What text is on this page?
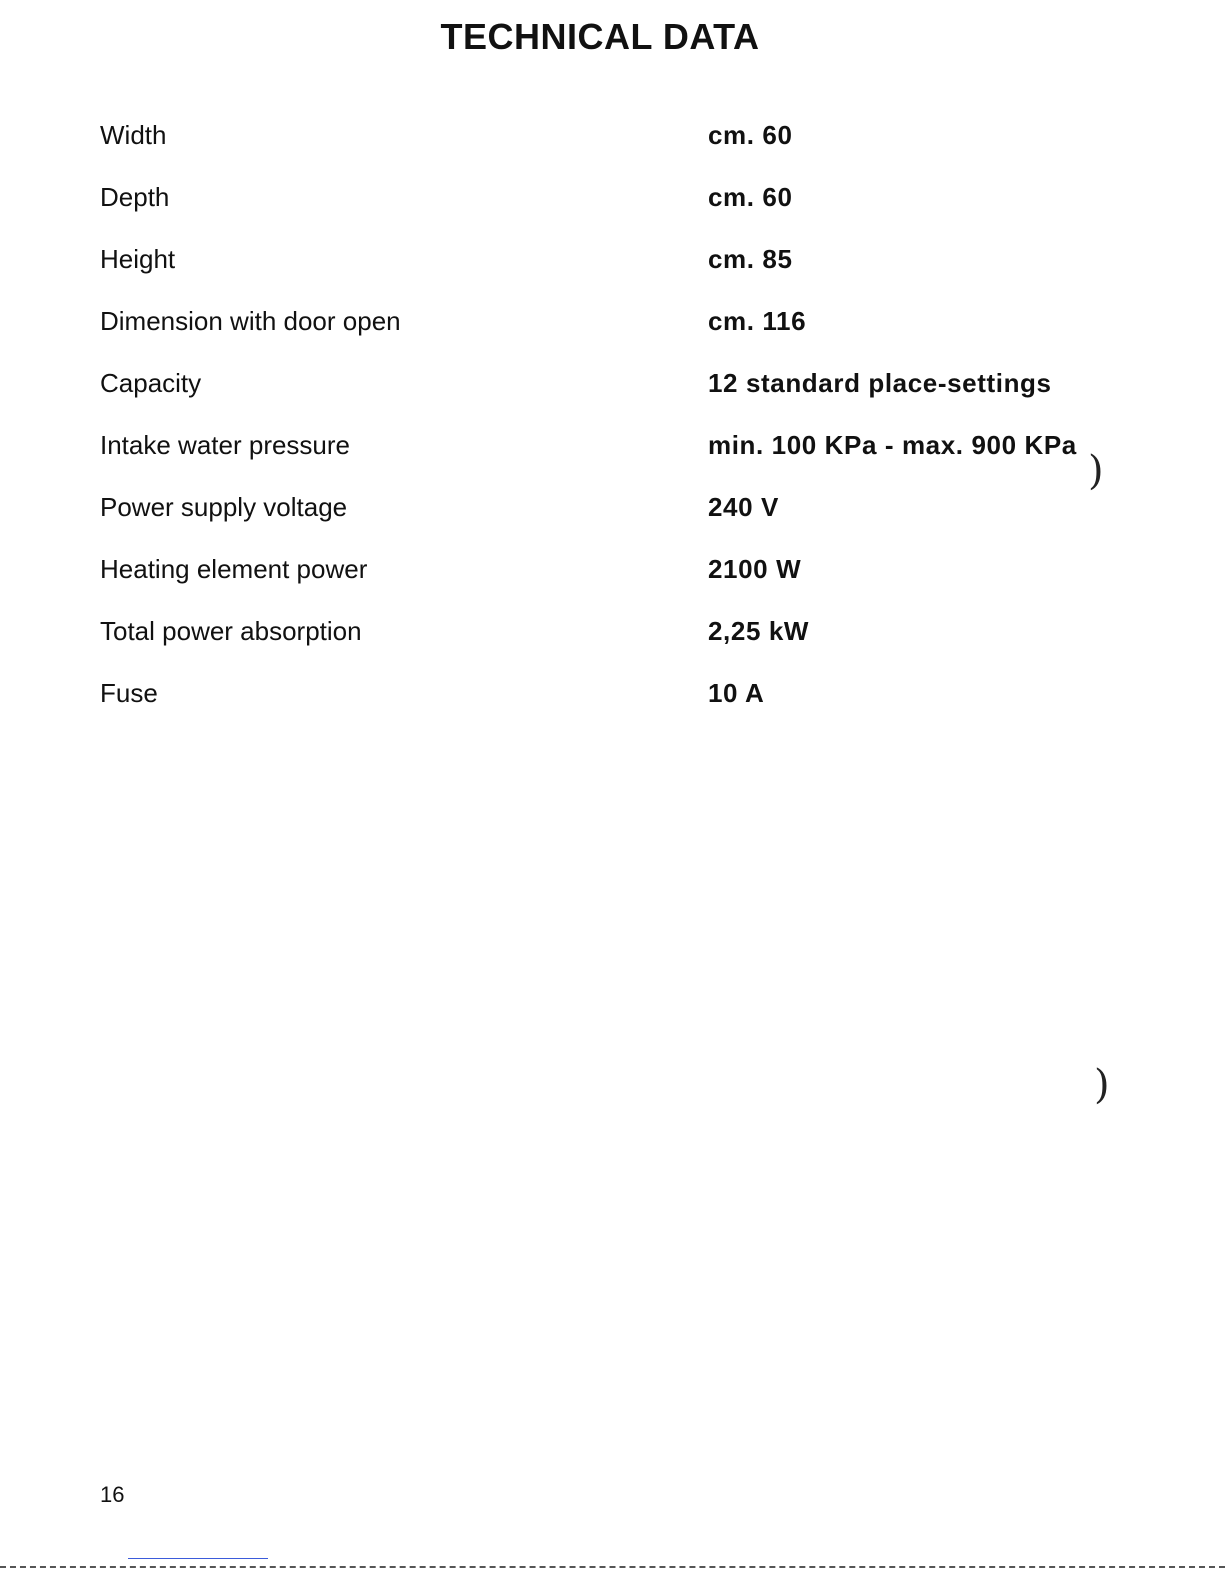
TECHNICAL DATA
Width	cm. 60
Depth	cm. 60
Height	cm. 85
Dimension with door open	cm. 116
Capacity	12 standard place-settings
Intake water pressure	min. 100 KPa - max. 900 KPa
Power supply voltage	240 V
Heating element power	2100 W
Total power absorption	2,25 kW
Fuse	10 A
)
)
16
